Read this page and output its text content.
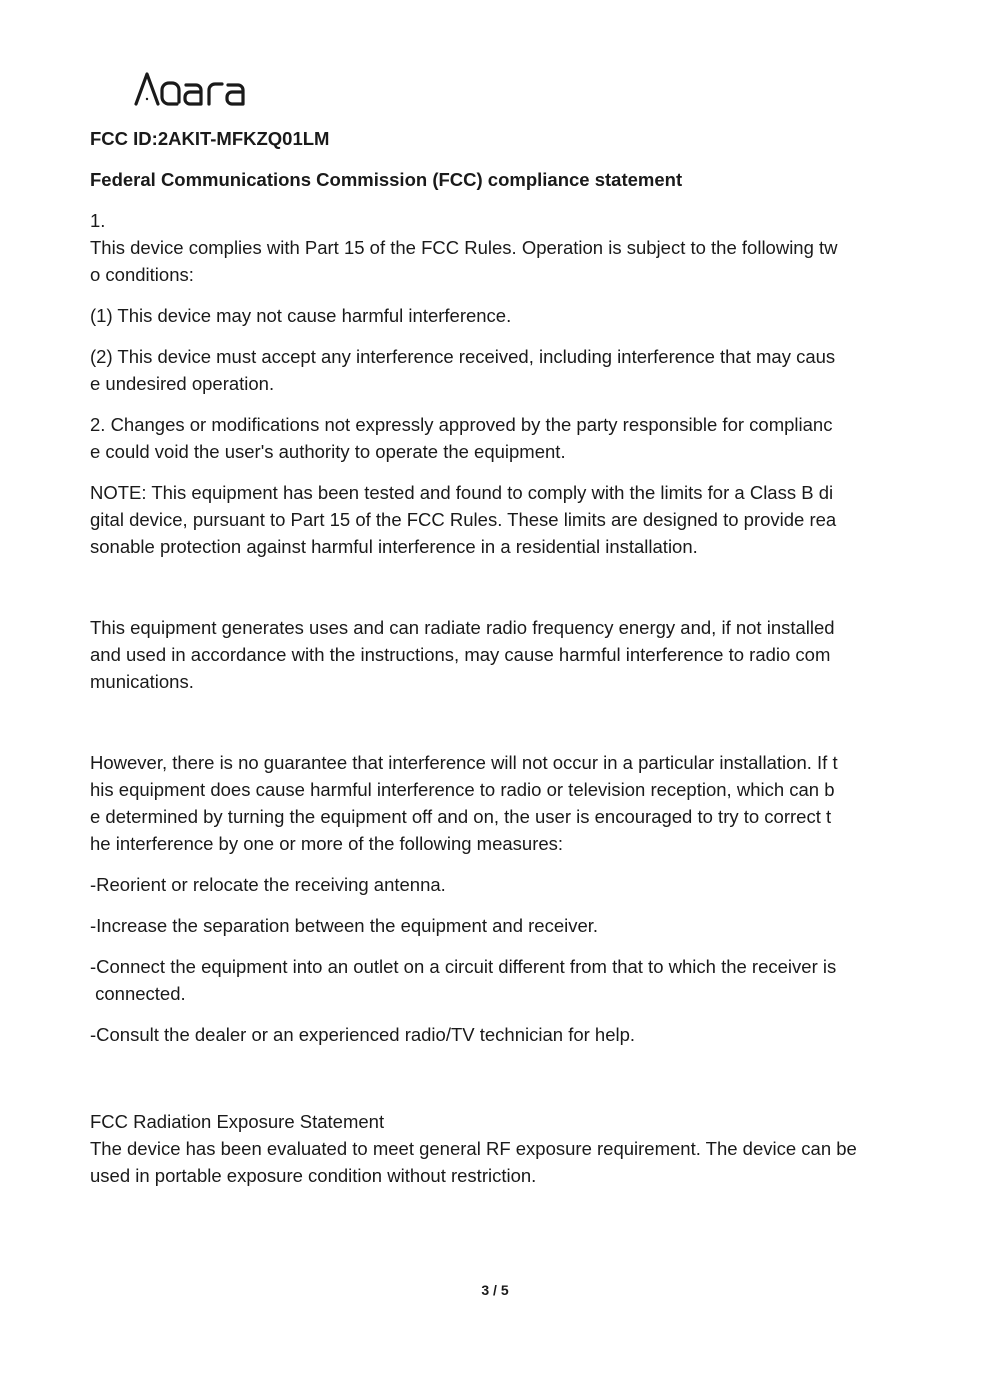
FCC ID:2AKIT-MFKZQ01LM

Federal Communications Commission (FCC) compliance statement

1.

This device complies with Part 15 of the FCC Rules. Operation is subject to the following tw

o conditions:

(1) This device may not cause harmful interference.

(2) This device must accept any interference received, including interference that may caus

e undesired operation.

2. Changes or modifications not expressly approved by the party responsible for complianc

e could void the user's authority to operate the equipment.

NOTE: This equipment has been tested and found to comply with the limits for a Class B di

gital device, pursuant to Part 15 of the FCC Rules. These limits are designed to provide rea

sonable protection against harmful interference in a residential installation.

This equipment generates uses and can radiate radio frequency energy and, if not installed

and used in accordance with the instructions, may cause harmful interference to radio com

munications.

However, there is no guarantee that interference will not occur in a particular installation. If t

his equipment does cause harmful interference to radio or television reception, which can b

e determined by turning the equipment off and on, the user is encouraged to try to correct t

he interference by one or more of the following measures:

-Reorient or relocate the receiving antenna.

-Increase the separation between the equipment and receiver.

-Connect the equipment into an outlet on a circuit different from that to which the receiver is

connected.

-Consult the dealer or an experienced radio/TV technician for help.

FCC Radiation Exposure Statement

The device has been evaluated to meet general RF exposure requirement. The device can be

used in portable exposure condition without restriction.

3 / 5
